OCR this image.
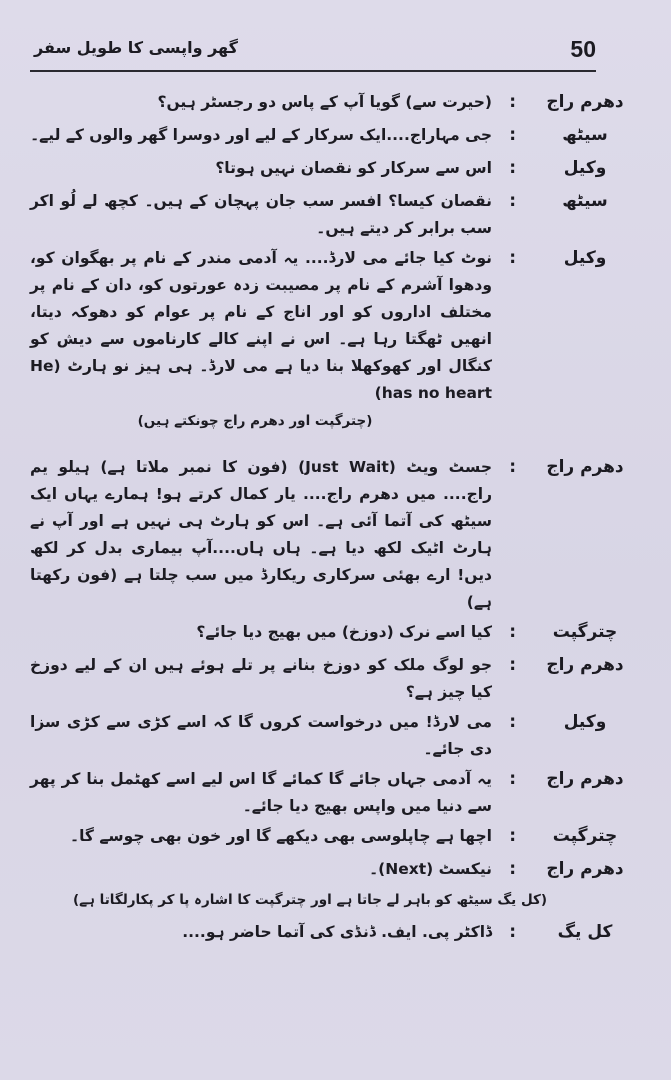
50
گھر واپسی کا طویل سفر
دھرم راج
:
(حیرت سے) گویا آپ کے پاس دو رجسٹر ہیں؟
سیٹھ
:
جی مہاراج....ایک سرکار کے لیے اور دوسرا گھر والوں کے لیے۔
وکیل
:
اس سے سرکار کو نقصان نہیں ہوتا؟
سیٹھ
:
نقصان کیسا؟ افسر سب جان پہچان کے ہیں۔ کچھ لے لُو اکر سب برابر کر دیتے ہیں۔
وکیل
:
نوٹ کیا جائے می لارڈ.... یہ آدمی مندر کے نام پر بھگوان کو، ودھوا آشرم کے نام پر مصیبت زدہ عورتوں کو، دان کے نام پر مختلف اداروں کو اور اناج کے نام پر عوام کو دھوکہ دیتا، انھیں ٹھگتا رہا ہے۔ اس نے اپنے کالے کارناموں سے دیش کو کنگال اور کھوکھلا بنا دیا ہے می لارڈ۔ ہی ہیز نو ہارٹ (He has no heart)
(چترگپت اور دھرم راج چونکتے ہیں)
دھرم راج
:
جسٹ ویٹ (Just Wait) (فون کا نمبر ملاتا ہے) ہیلو یم راج.... میں دھرم راج.... یار کمال کرتے ہو! ہمارے یہاں ایک سیٹھ کی آتما آئی ہے۔ اس کو ہارٹ ہی نہیں ہے اور آپ نے ہارٹ اٹیک لکھ دیا ہے۔ ہاں ہاں....آپ بیماری بدل کر لکھ دیں! ارے بھئی سرکاری ریکارڈ میں سب چلتا ہے (فون رکھتا ہے)
چترگپت
:
کیا اسے نرک (دوزخ) میں بھیج دیا جائے؟
دھرم راج
:
جو لوگ ملک کو دوزخ بنانے پر تلے ہوئے ہیں ان کے لیے دوزخ کیا چیز ہے؟
وکیل
:
می لارڈ! میں درخواست کروں گا کہ اسے کڑی سے کڑی سزا دی جائے۔
دھرم راج
:
یہ آدمی جہاں جائے گا کمائے گا اس لیے اسے کھٹمل بنا کر پھر سے دنیا میں واپس بھیج دیا جائے۔
چترگپت
:
اچھا ہے چاپلوسی بھی دیکھے گا اور خون بھی چوسے گا۔
دھرم راج
:
نیکسٹ (Next)۔
(کل یگ سیٹھ کو باہر لے جاتا ہے اور چترگپت کا اشارہ پا کر پکارلگاتا ہے)
کل یگ
:
ڈاکٹر پی. ایف. ڈنڈی کی آتما حاضر ہو....
